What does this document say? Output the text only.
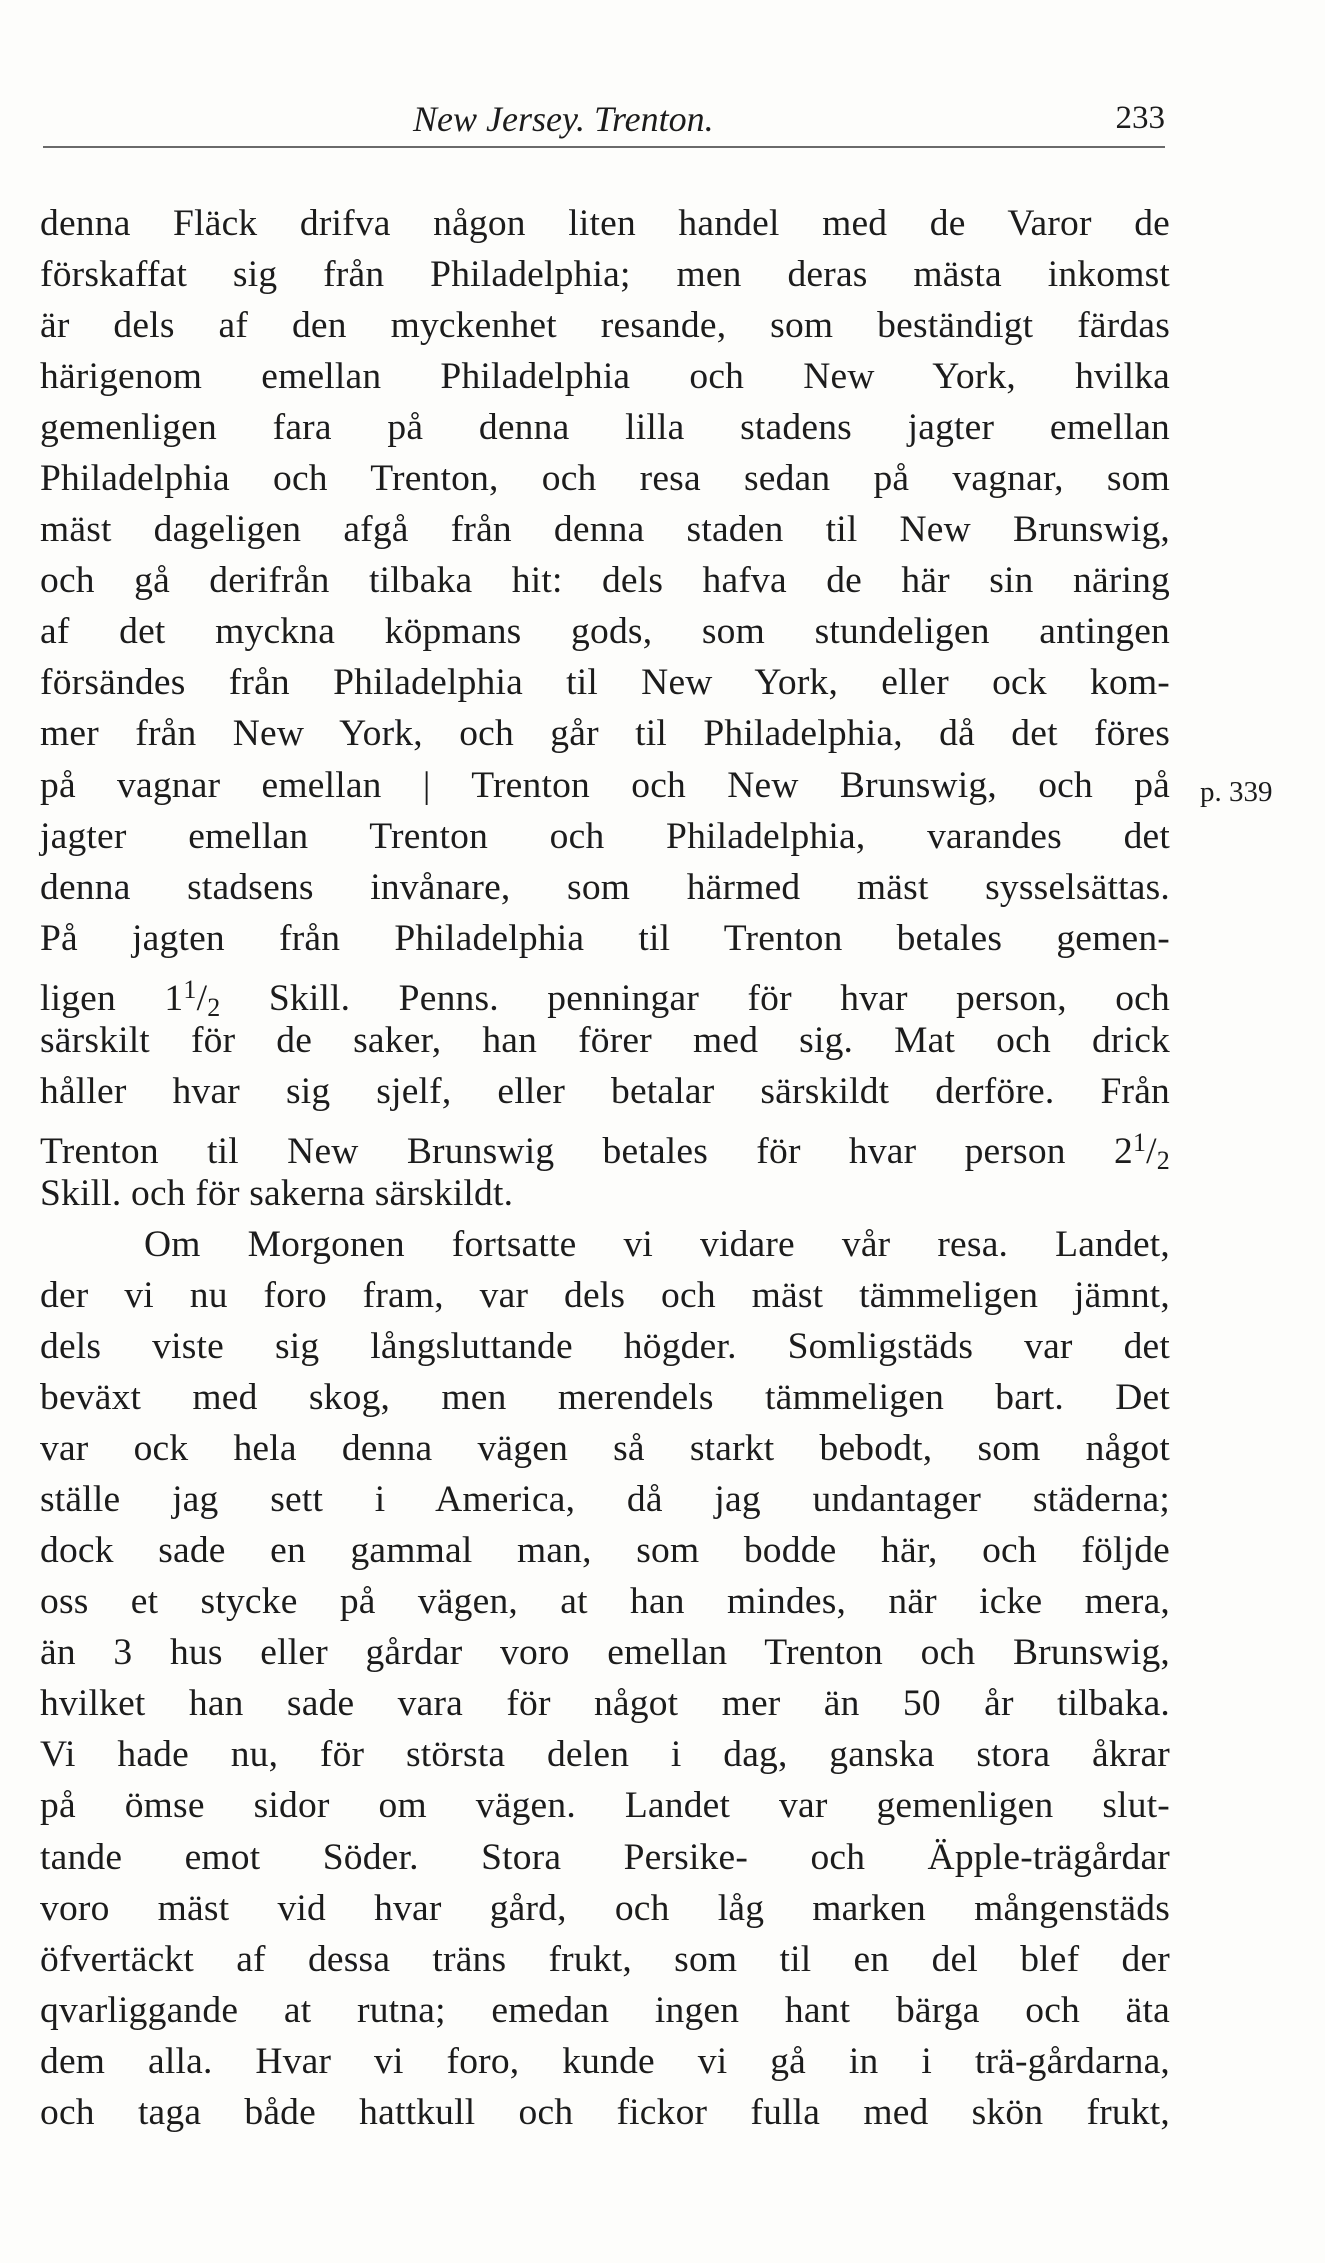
New Jersey. Trenton.	233
p. 339
denna Fläck drifva någon liten handel med de Varor de
förskaffat sig från Philadelphia; men deras mästa inkomst
är dels af den myckenhet resande, som beständigt färdas
härigenom emellan Philadelphia och New York, hvilka
gemenligen fara på denna lilla stadens jagter emellan
Philadelphia och Trenton, och resa sedan på vagnar, som
mäst dageligen afgå från denna staden til New Brunswig,
och gå derifrån tilbaka hit: dels hafva de här sin näring
af det myckna köpmans gods, som stundeligen antingen
försändes från Philadelphia til New York, eller ock kom-
mer från New York, och går til Philadelphia, då det föres
på vagnar emellan | Trenton och New Brunswig, och på
jagter emellan Trenton och Philadelphia, varandes det
denna stadsens invånare, som härmed mäst sysselsättas.
På jagten från Philadelphia til Trenton betales gemen-
ligen $1^1/2$ Skill. Penns. penningar för hvar person, och
särskilt för de saker, han förer med sig. Mat och drick
håller hvar sig sjelf, eller betalar särskildt derföre. Från
Trenton til New Brunswig betales för hvar person $2^1/2$
Skill. och för sakerna särskildt.
Om Morgonen fortsatte vi vidare vår resa. Landet,
der vi nu foro fram, var dels och mäst tämmeligen jämnt,
dels viste sig långsluttande högder. Somligstäds var det
beväxt med skog, men merendels tämmeligen bart. Det
var ock hela denna vägen så starkt bebodt, som något
ställe jag sett i America, då jag undantager städerna;
dock sade en gammal man, som bodde här, och följde
oss et stycke på vägen, at han mindes, när icke mera,
än 3 hus eller gårdar voro emellan Trenton och Brunswig,
hvilket han sade vara för något mer än 50 år tilbaka.
Vi hade nu, för största delen i dag, ganska stora åkrar
på ömse sidor om vägen. Landet var gemenligen slut-
tande emot Söder. Stora Persike- och Äpple-trägårdar
voro mäst vid hvar gård, och låg marken mångenstäds
öfvertäckt af dessa träns frukt, som til en del blef der
qvarliggande at rutna; emedan ingen hant bärga och äta
dem alla. Hvar vi foro, kunde vi gå in i trä-gårdarna,
och taga både hattkull och fickor fulla med skön frukt,
